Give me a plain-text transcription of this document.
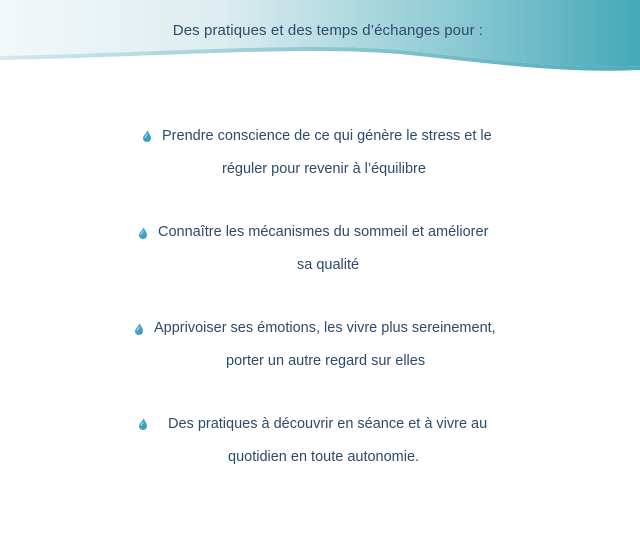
Des pratiques et des temps d’échanges pour :
Prendre conscience de ce qui génère le stress et le
réguler pour revenir à l’équilibre
Connaître les mécanismes du sommeil et améliorer
sa qualité
Apprivoiser ses émotions, les vivre plus sereinement,
porter un autre regard sur elles
Des pratiques à découvrir en séance et à vivre au
quotidien en toute autonomie.
